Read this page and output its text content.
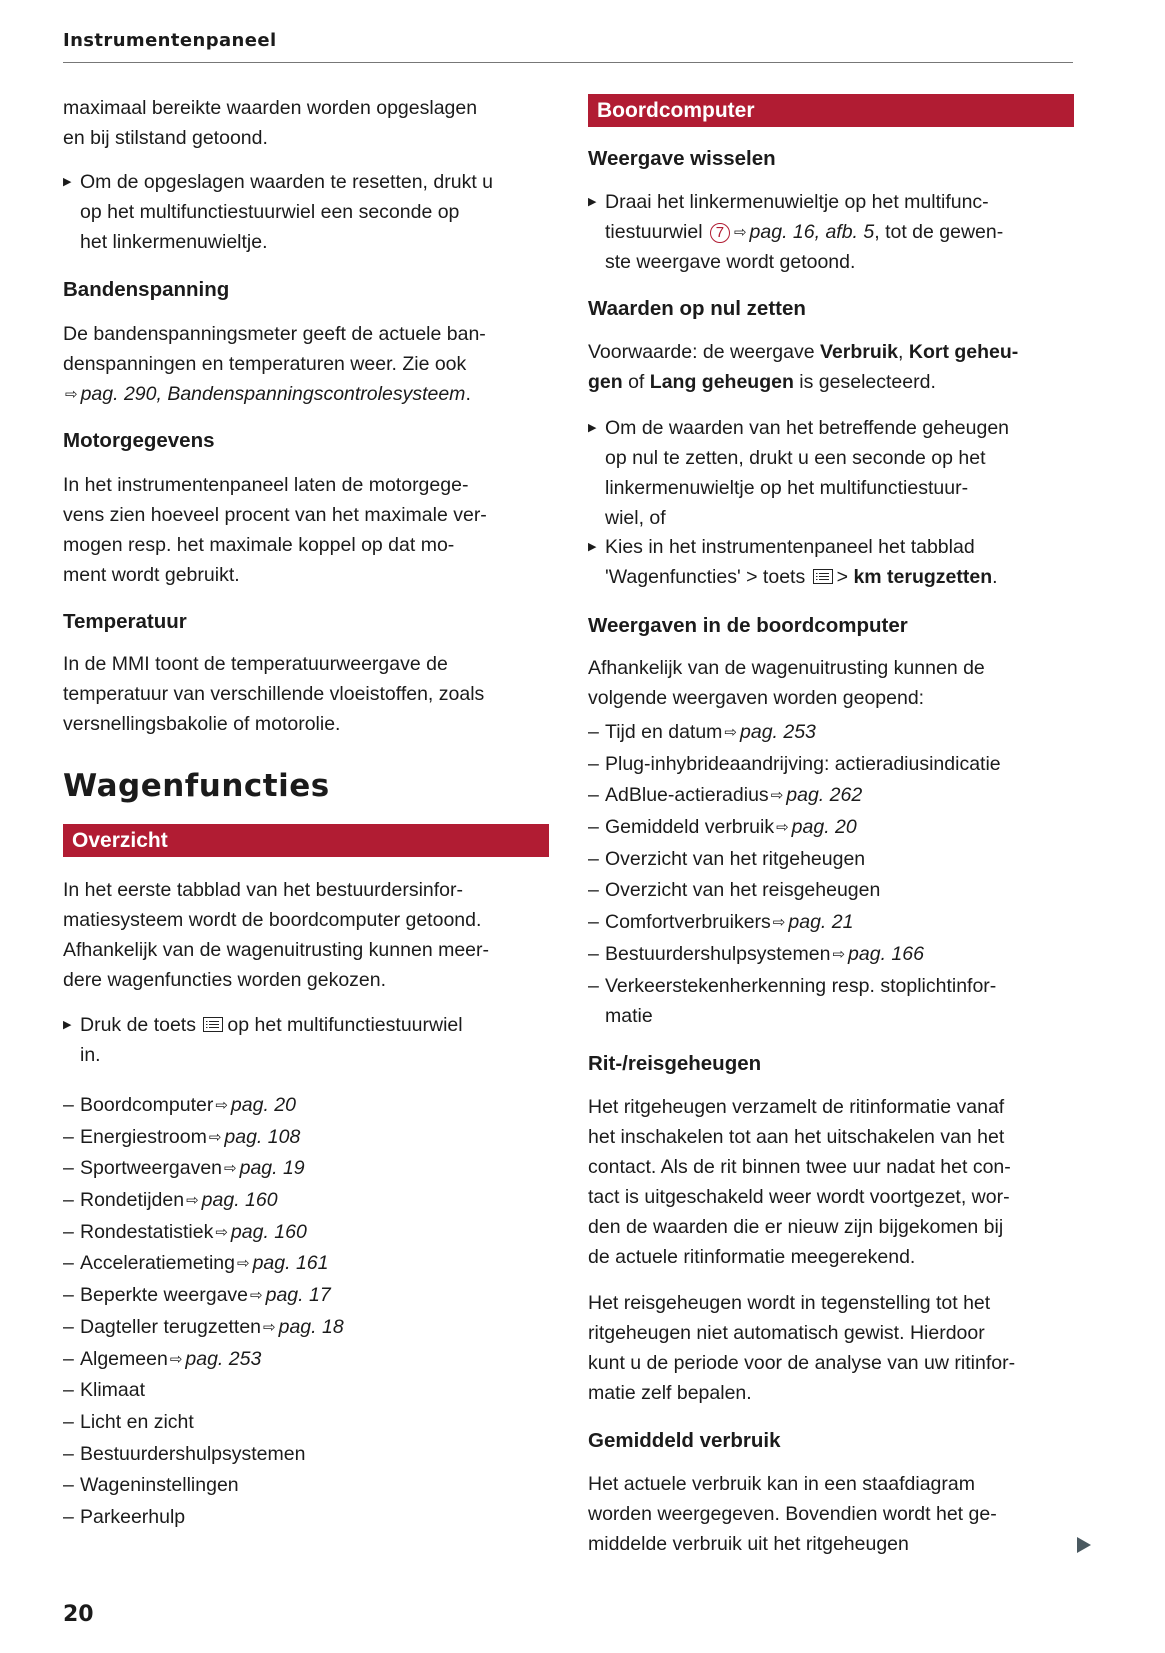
Instrumentenpaneel
maximaal bereikte waarden worden opgeslagen
en bij stilstand getoond.
▶ Om de opgeslagen waarden te resetten, drukt u
op het multifunctiestuurwiel een seconde op
het linkermenuwieltje.
Bandenspanning
De bandenspanningsmeter geeft de actuele ban-
denspanningen en temperaturen weer. Zie ook
⇨ pag. 290, Bandenspanningscontrolesysteem.
Motorgegevens
In het instrumentenpaneel laten de motorgege-
vens zien hoeveel procent van het maximale ver-
mogen resp. het maximale koppel op dat mo-
ment wordt gebruikt.
Temperatuur
In de MMI toont de temperatuurweergave de
temperatuur van verschillende vloeistoffen, zoals
versnellingsbakolie of motorolie.
Wagenfuncties
Overzicht
In het eerste tabblad van het bestuurdersinfor-
matiesysteem wordt de boordcomputer getoond.
Afhankelijk van de wagenuitrusting kunnen meer-
dere wagenfuncties worden gekozen.
▶ Druk de toets op het multifunctiestuurwiel
in.
– Boordcomputer ⇨ pag. 20
– Energiestroom ⇨ pag. 108
– Sportweergaven ⇨ pag. 19
– Rondetijden ⇨ pag. 160
– Rondestatistiek ⇨ pag. 160
– Acceleratiemeting ⇨ pag. 161
– Beperkte weergave ⇨ pag. 17
– Dagteller terugzetten ⇨ pag. 18
– Algemeen ⇨ pag. 253
– Klimaat
– Licht en zicht
– Bestuurdershulpsystemen
– Wageninstellingen
– Parkeerhulp
20
Boordcomputer
Weergave wisselen
▶ Draai het linkermenuwieltje op het multifunc-
tiestuurwiel 7 ⇨ pag. 16, afb. 5, tot de gewen-
ste weergave wordt getoond.
Waarden op nul zetten
Voorwaarde: de weergave Verbruik, Kort geheu-
gen of Lang geheugen is geselecteerd.
▶ Om de waarden van het betreffende geheugen
op nul te zetten, drukt u een seconde op het
linkermenuwieltje op het multifunctiestuur-
wiel, of
▶ Kies in het instrumentenpaneel het tabblad
'Wagenfuncties' > toets > km terugzetten.
Weergaven in de boordcomputer
Afhankelijk van de wagenuitrusting kunnen de
volgende weergaven worden geopend:
– Tijd en datum ⇨ pag. 253
– Plug-inhybrideaandrijving: actieradiusindicatie
– AdBlue-actieradius ⇨ pag. 262
– Gemiddeld verbruik ⇨ pag. 20
– Overzicht van het ritgeheugen
– Overzicht van het reisgeheugen
– Comfortverbruikers ⇨ pag. 21
– Bestuurdershulpsystemen ⇨ pag. 166
– Verkeerstekenherkenning resp. stoplichtinfor-
matie
Rit-/reisgeheugen
Het ritgeheugen verzamelt de ritinformatie vanaf
het inschakelen tot aan het uitschakelen van het
contact. Als de rit binnen twee uur nadat het con-
tact is uitgeschakeld weer wordt voortgezet, wor-
den de waarden die er nieuw zijn bijgekomen bij
de actuele ritinformatie meegerekend.
Het reisgeheugen wordt in tegenstelling tot het
ritgeheugen niet automatisch gewist. Hierdoor
kunt u de periode voor de analyse van uw ritinfor-
matie zelf bepalen.
Gemiddeld verbruik
Het actuele verbruik kan in een staafdiagram
worden weergegeven. Bovendien wordt het ge-
middelde verbruik uit het ritgeheugen
